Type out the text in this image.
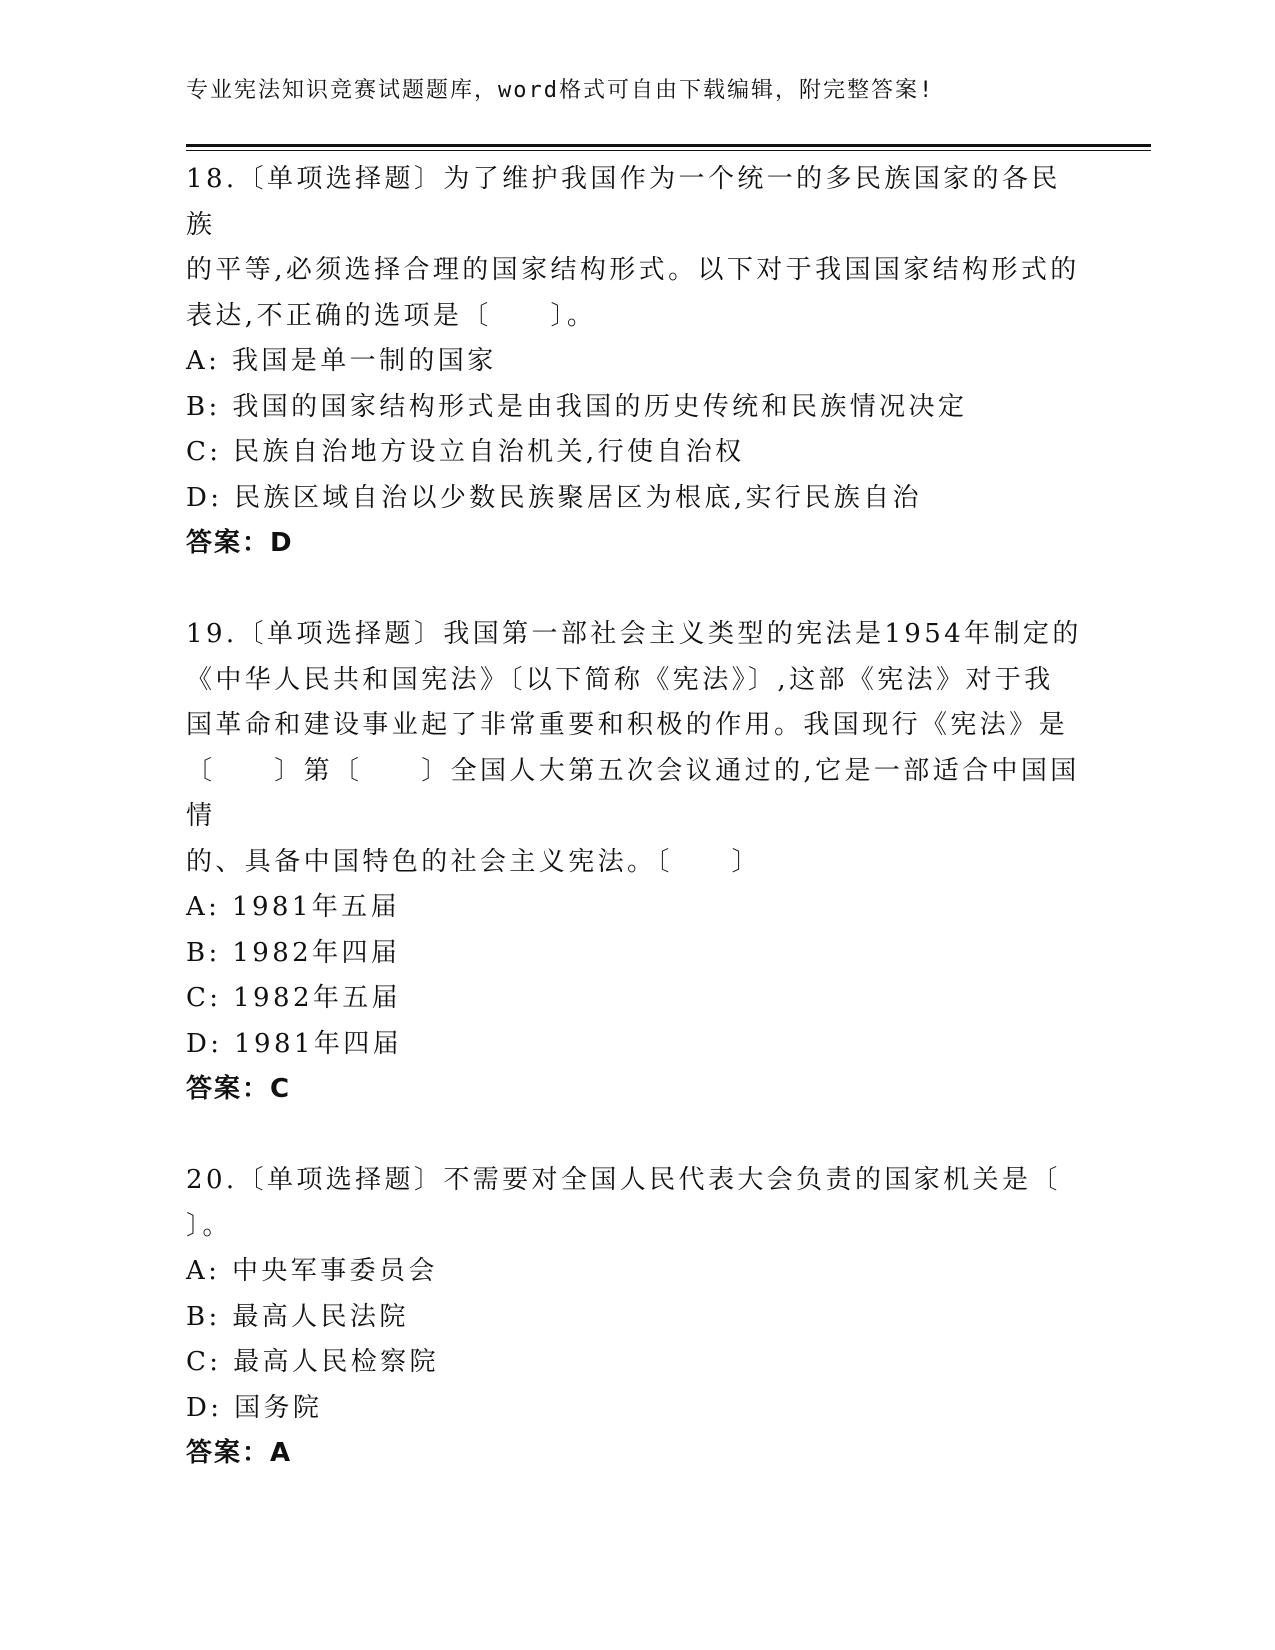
专业宪法知识竞赛试题题库，word格式可自由下载编辑，附完整答案!
18.〔单项选择题〕为了维护我国作为一个统一的多民族国家的各民族
的平等,必须选择合理的国家结构形式。以下对于我国国家结构形式的
表达,不正确的选项是〔　　〕。
A: 我国是单一制的国家
B: 我国的国家结构形式是由我国的历史传统和民族情况决定
C: 民族自治地方设立自治机关,行使自治权
D: 民族区域自治以少数民族聚居区为根底,实行民族自治
答案：D
19.〔单项选择题〕我国第一部社会主义类型的宪法是1954年制定的
《中华人民共和国宪法》〔以下简称《宪法》〕,这部《宪法》对于我
国革命和建设事业起了非常重要和积极的作用。我国现行《宪法》是
〔　　〕第〔　　〕全国人大第五次会议通过的,它是一部适合中国国情
的、具备中国特色的社会主义宪法。〔　　〕
A: 1981年五届
B: 1982年四届
C: 1982年五届
D: 1981年四届
答案：C
20.〔单项选择题〕不需要对全国人民代表大会负责的国家机关是〔
〕。
A: 中央军事委员会
B: 最高人民法院
C: 最高人民检察院
D: 国务院
答案：A
